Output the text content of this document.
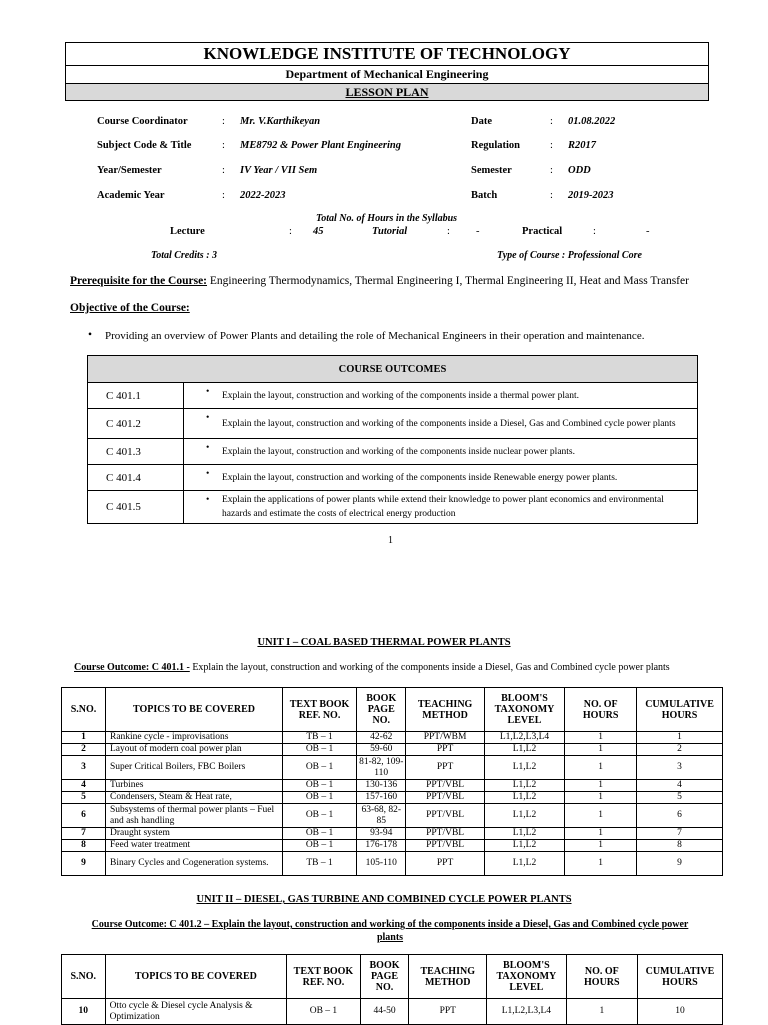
KNOWLEDGE INSTITUTE OF TECHNOLOGY
Department of Mechanical Engineering
LESSON PLAN
Course Coordinator	: Mr. V.Karthikeyan	Date	: 01.08.2022
Subject Code & Title	: ME8792 & Power Plant Engineering	Regulation	: R2017
Year/Semester	: IV Year / VII Sem	Semester	: ODD
Academic Year	: 2022-2023	Batch	: 2019-2023
Total No. of Hours in the Syllabus
Lecture	: 45	Tutorial	: -	Practical	:	-
Total Credits : 3	Type of Course : Professional Core
Prerequisite for the Course: Engineering Thermodynamics, Thermal Engineering I, Thermal Engineering II, Heat and Mass Transfer
Objective of the Course:
• Providing an overview of Power Plants and detailing the role of Mechanical Engineers in their operation and maintenance.
COURSE OUTCOMES	
C 401.1	• Explain the layout, construction and working of the components inside a thermal power plant.
C 401.2	• Explain the layout, construction and working of the components inside a Diesel, Gas and Combined cycle power plants
C 401.3	• Explain the layout, construction and working of the components inside nuclear power plants.
C 401.4	• Explain the layout, construction and working of the components inside Renewable energy power plants.
C 401.5	• Explain the applications of power plants while extend their knowledge to power plant economics and environmental hazards and estimate the costs of electrical energy production
1
UNIT I – COAL BASED THERMAL POWER PLANTS
Course Outcome: C 401.1 - Explain the layout, construction and working of the components inside a Diesel, Gas and Combined cycle power plants
S.NO.	TOPICS TO BE COVERED	TEXT BOOK REF. NO.	BOOK PAGE NO.	TEACHING METHOD	BLOOM'S TAXONOMY LEVEL	NO. OF HOURS	CUMULATIVE HOURS
1	Rankine cycle - improvisations	TB – 1	42-62	PPT/WBM	L1,L2,L3,L4	1	1
2	Layout of modern coal power plan	OB – 1	59-60	PPT	L1,L2	1	2
3	Super Critical Boilers, FBC Boilers	OB – 1	81-82, 109-110	PPT	L1,L2	1	3
4	Turbines	OB – 1	130-136	PPT/VBL	L1,L2	1	4
5	Condensers, Steam & Heat rate,	OB – 1	157-160	PPT/VBL	L1,L2	1	5
6	Subsystems of thermal power plants – Fuel and ash handling	OB – 1	63-68, 82-85	PPT/VBL	L1,L2	1	6
7	Draught system	OB – 1	93-94	PPT/VBL	L1,L2	1	7
8	Feed water treatment	OB – 1	176-178	PPT/VBL	L1,L2	1	8
9	Binary Cycles and Cogeneration systems.	TB – 1	105-110	PPT	L1,L2	1	9
UNIT II – DIESEL, GAS TURBINE AND COMBINED CYCLE POWER PLANTS
Course Outcome: C 401.2 – Explain the layout, construction and working of the components inside a Diesel, Gas and Combined cycle power
plants
S.NO.	TOPICS TO BE COVERED	TEXT BOOK REF. NO.	BOOK PAGE NO.	TEACHING METHOD	BLOOM'S TAXONOMY LEVEL	NO. OF HOURS	CUMULATIVE HOURS
10	Otto cycle & Diesel cycle Analysis & Optimization	OB – 1	44-50	PPT	L1,L2,L3,L4	1	10
